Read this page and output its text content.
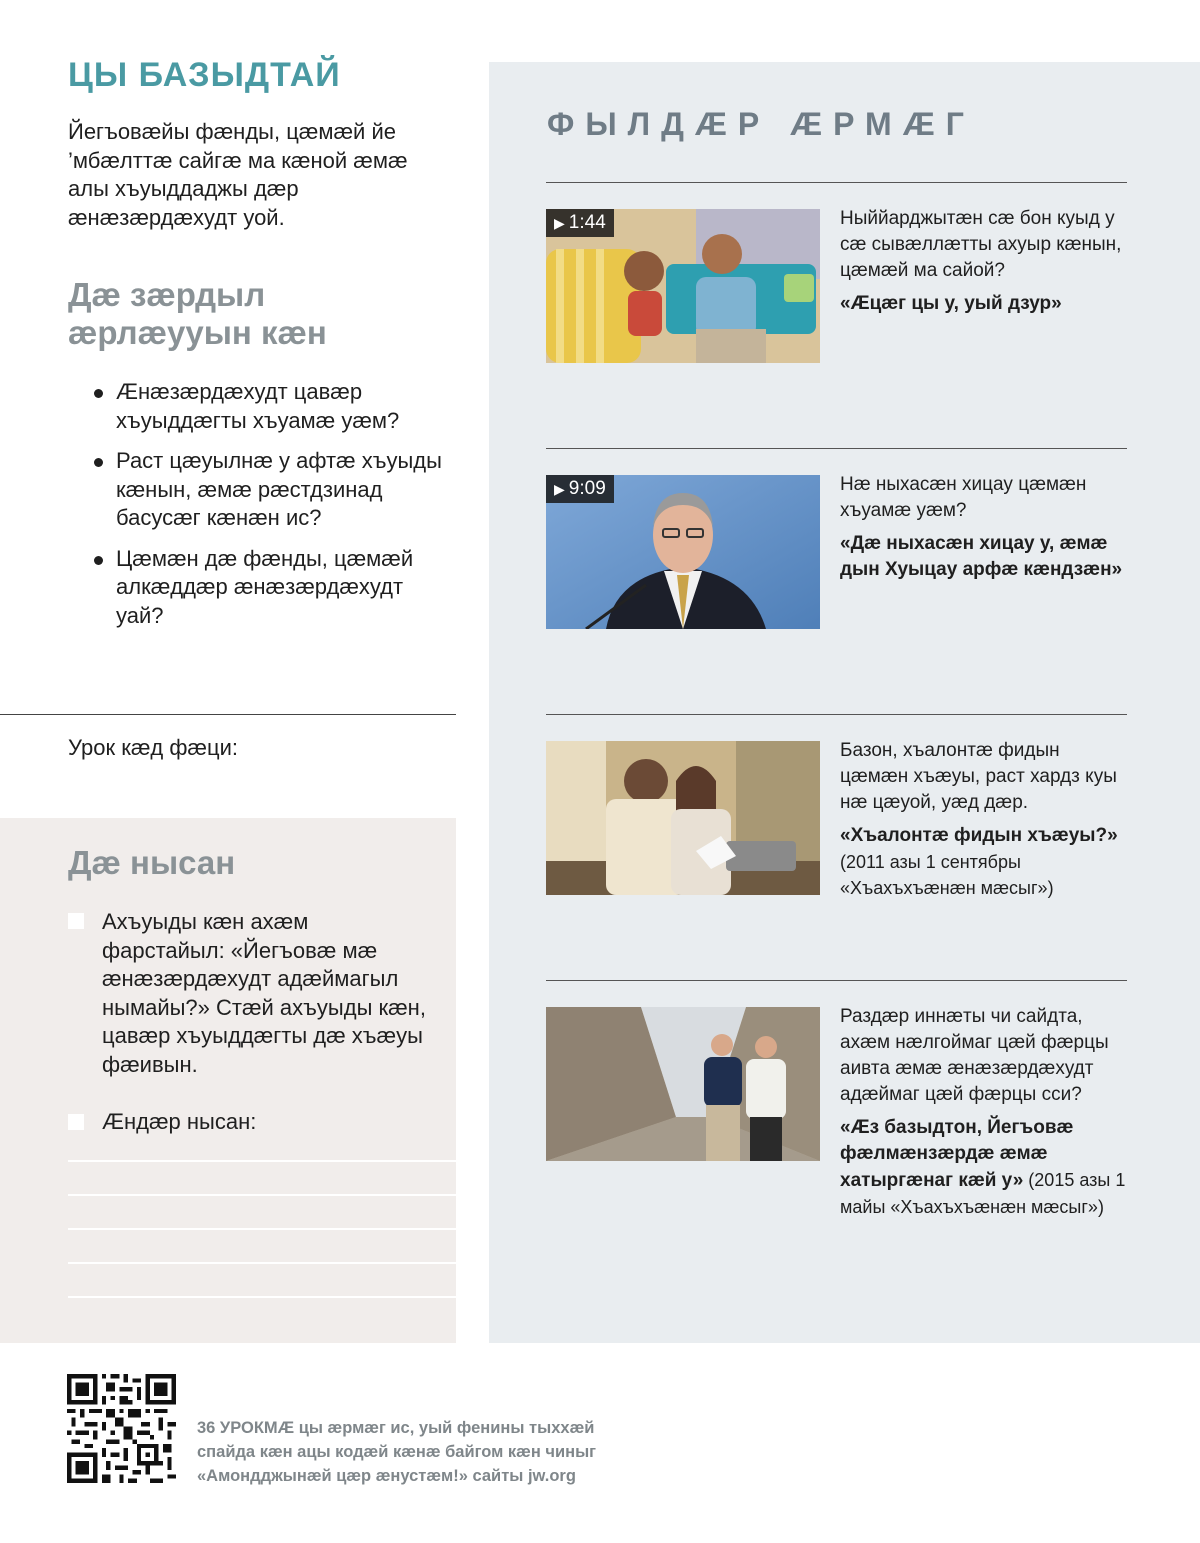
ЦЫ БАЗЫДТАЙ
Йегъовæйы фæнды, цæмæй йе ’мбæлттæ сайгæ ма кæной æмæ алы хъуыддаджы дæр æнæзæрдæхудт уой.
Дæ зæрдыл æрлæууын кæн
Æнæзæрдæхудт цавæр хъуыддæгты хъуамæ уæм?
Раст цæуылнæ у афтæ хъуыды кæнын, æмæ рæстдзинад басусæг кæнæн ис?
Цæмæн дæ фæнды, цæмæй алкæддæр æнæзæрдæхудт уай?
Урок кæд фæци:
Дæ нысан
Ахъуыды кæн ахæм фарстайыл: «Йегъовæ мæ æнæзæрдæхудт адæймагыл нымайы?» Стæй ахъуыды кæн, цавæр хъуыддæгты дæ хъæуы фæивын.
Æндæр нысан:
ФЫЛДÆР ÆРМÆГ
▶ 1:44	Ныййарджытæн сæ бон куыд у сæ сывæллæтты ахуыр кæнын, цæмæй ма сайой?
«Æцæг цы у, уый дзур»
▶ 9:09	Нæ ныхасæн хицау цæмæн хъуамæ уæм?
«Дæ ныхасæн хицау у, æмæ дын Хуыцау арфæ кæндзæн»
Базон, хъалонтæ фидын цæмæн хъæуы, раст хардз куы нæ цæуой, уæд дæр.
«Хъалонтæ фидын хъæуы?»
(2011 азы 1 сентябры «Хъахъхъæнæн мæсыг»)
Раздæр иннæты чи сайдта, ахæм нæлгоймаг цæй фæрцы аивта æмæ æнæзæрдæхудт адæймаг цæй фæрцы сси?
«Æз базыдтон, Йегъовæ фæлмæнзæрдæ æмæ хатыргæнаг кæй у» (2015 азы 1 майы «Хъахъхъæнæн мæсыг»)
36 УРОКМÆ цы æрмæг ис, уый фенины тыххæй спайда кæн ацы кодæй кæнæ байгом кæн чиныг «Амондджынæй цæр æнустæм!» сайты jw.org
